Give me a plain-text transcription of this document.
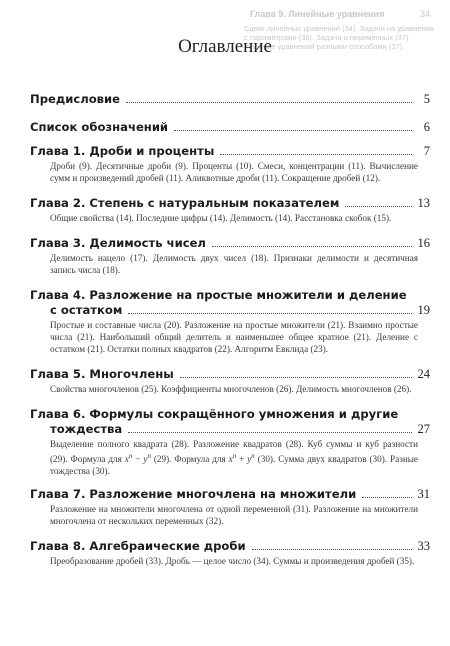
Глава 9. Линейные уравнения	34
Сдвиг линейных уравнений (34). Задачи на уравнения с параметрами (36). Задачи о переменных (37). Решение уравнений разными способами (37).
Оглавление
Предисловие	5
Список обозначений	6
Глава 1. Дроби и проценты	7
Дроби (9). Десятичные дроби (9). Проценты (10). Смеси, концентрации (11). Вычисление сумм и произведений дробей (11). Аликвотные дроби (11). Сокращение дробей (12).
Глава 2. Степень с натуральным показателем	13
Общие свойства (14). Последние цифры (14). Делимость (14). Расстановка скобок (15).
Глава 3. Делимость чисел	16
Делимость нацело (17). Делимость двух чисел (18). Признаки делимости и десятичная запись числа (18).
Глава 4. Разложение на простые множители и деление
с остатком	19
Простые и составные числа (20). Разложение на простые множители (21). Взаимно простые числа (21). Наибольший общий делитель и наименьшее общее кратное (21). Деление с остатком (21). Остатки полных квадратов (22). Алгоритм Евклида (23).
Глава 5. Многочлены	24
Свойства многочленов (25). Коэффициенты многочленов (26). Делимость многочленов (26).
Глава 6. Формулы сокращённого умножения и другие
тождества	27
Выделение полного квадрата (28). Разложение квадратов (28). Куб суммы и куб разности (29). Формула для $x^n - y^n$ (29). Формула для $x^n + y^n$ (30). Сумма двух квадратов (30). Разные тождества (30).
Глава 7. Разложение многочлена на множители	31
Разложение на множители многочлена от одной переменной (31). Разложение на множители многочлена от нескольких переменных (32).
Глава 8. Алгебраические дроби	33
Преобразование дробей (33). Дробь — целое число (34). Суммы и произведения дробей (35).
